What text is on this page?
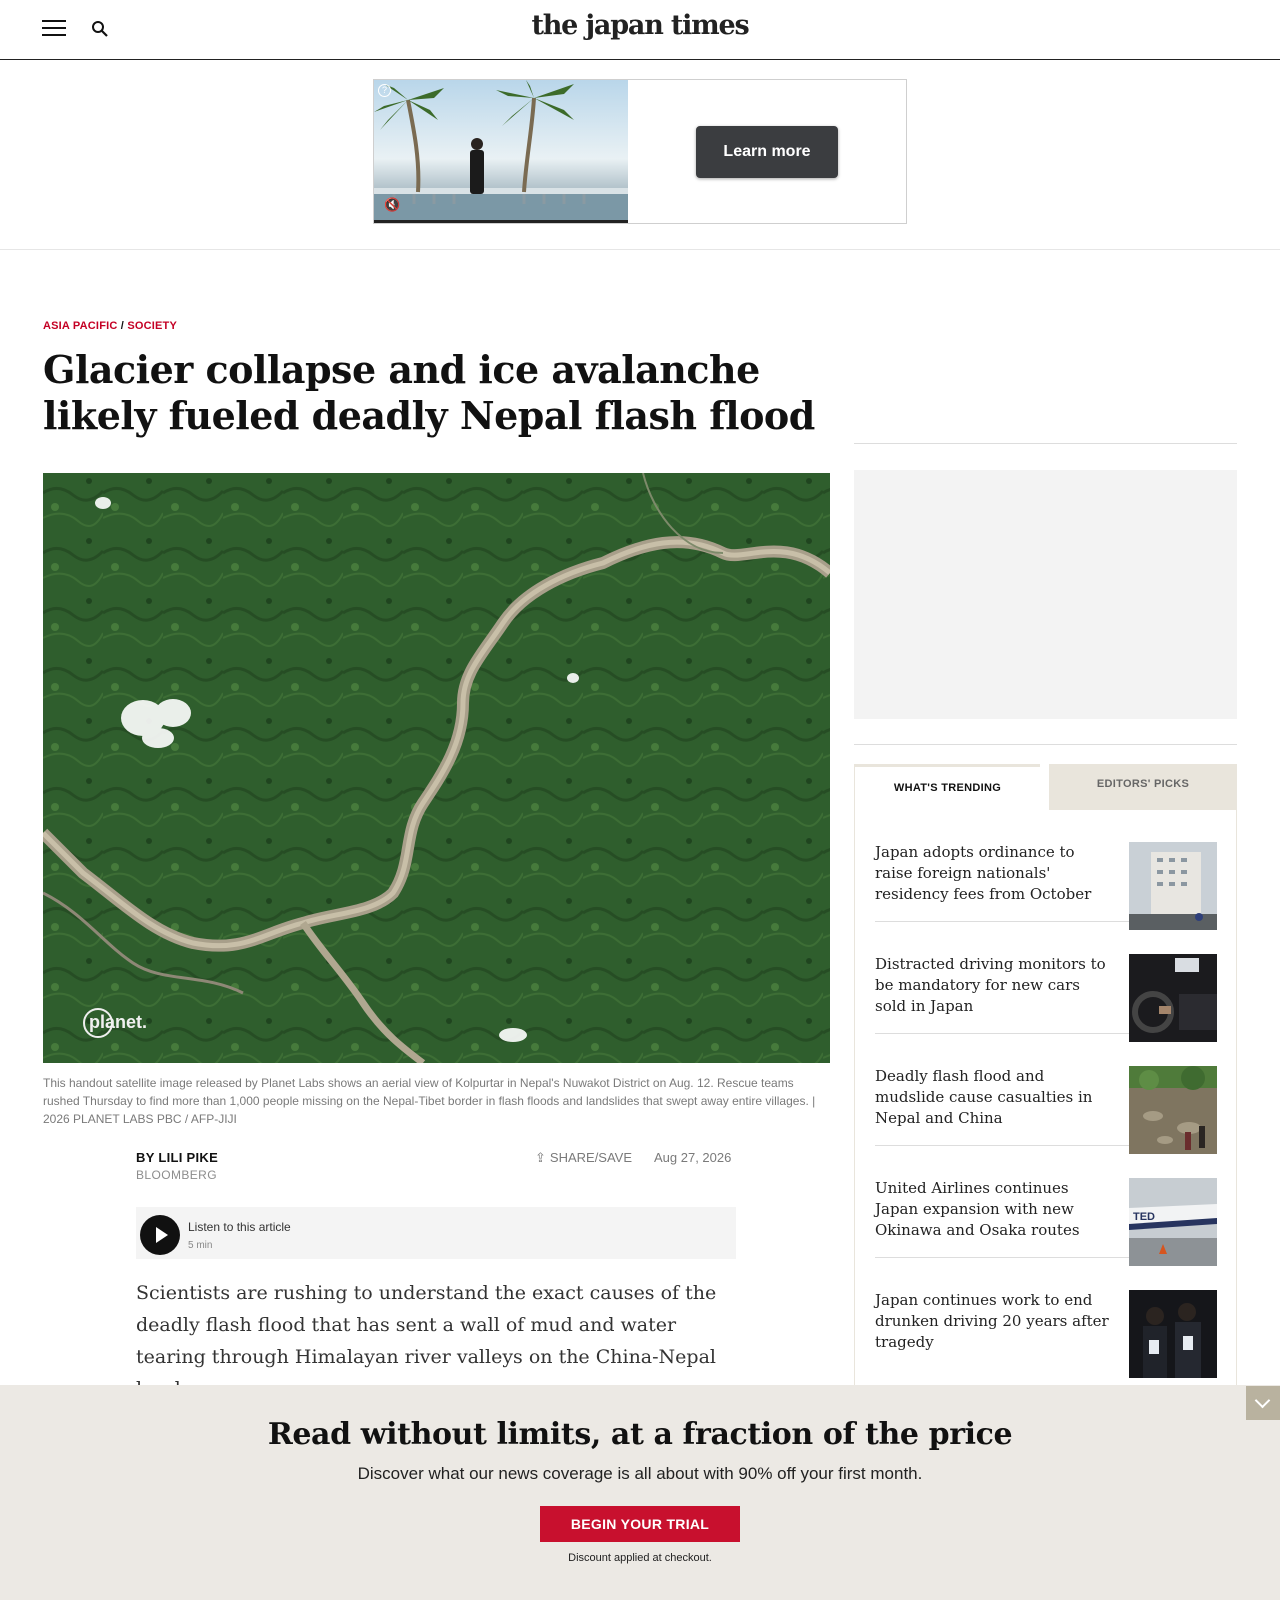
the japan times
?
🔇
Learn more
ASIA PACIFIC / SOCIETY
Glacier collapse and ice avalanche likely fueled deadly Nepal flash flood
planet.

This handout satellite image released by Planet Labs shows an aerial view of Kolpurtar in Nepal's Nuwakot District on Aug. 12. Rescue teams rushed Thursday to find more than 1,000 people missing on the Nepal-Tibet border in flash floods and landslides that swept away entire villages. | 2026 PLANET LABS PBC / AFP-JIJI

BY LILI PIKE
BLOOMBERG
⇪ SHARE/SAVE Aug 27, 2026
Listen to this article
5 min

Scientists are rushing to understand the exact causes of the deadly flash flood that has sent a wall of mud and water tearing through Himalayan river valleys on the China-Nepal

WHAT'S TRENDING	EDITORS' PICKS
Japan adopts ordinance to raise foreign nationals' residency fees from October
Distracted driving monitors to be mandatory for new cars sold in Japan
Deadly flash flood and mudslide cause casualties in Nepal and China
United Airlines continues Japan expansion with new Okinawa and Osaka routes
TED
Japan continues work to end drunken driving 20 years after tragedy
Read without limits, at a fraction of the price
Discover what our news coverage is all about with 90% off your first month.
BEGIN YOUR TRIAL
Discount applied at checkout.
